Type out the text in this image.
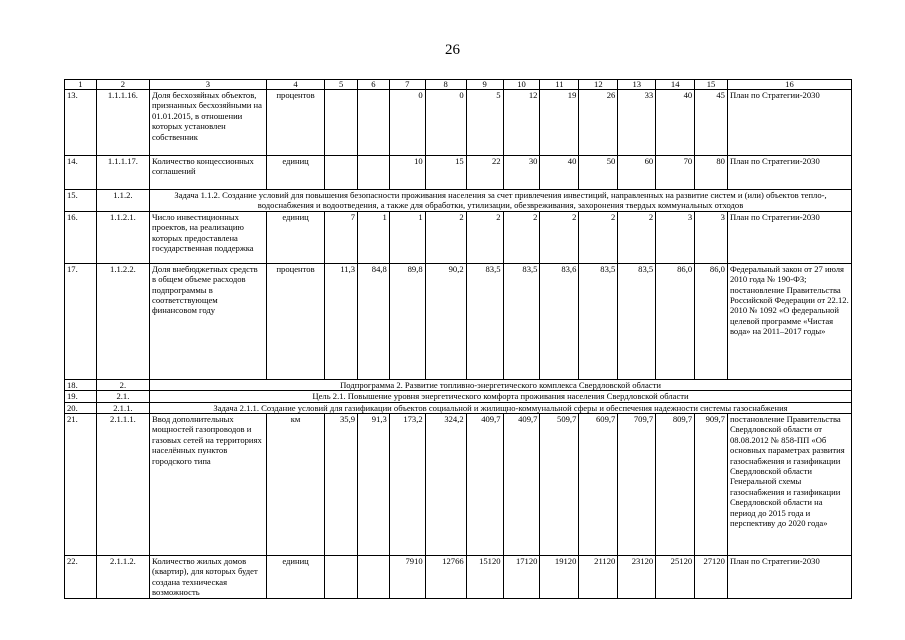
26
1	2	3	4	5	6	7	8	9	10	11	12	13	14	15	16
13.	1.1.1.16.	Доля бесхозяйных объектов, признанных бесхозяйными на 01.01.2015, в отношении которых установлен собственник	процентов			0	0	5	12	19	26	33	40	45	План по Стратегии-2030
14.	1.1.1.17.	Количество концессионных соглашений	единиц			10	15	22	30	40	50	60	70	80	План по Стратегии-2030
15.	1.1.2.	Задача 1.1.2. Создание условий для повышения безопасности проживания населения за счет привлечения инвестиций, направленных на развитие систем и (или) объектов тепло-, водоснабжения и водоотведения, а также для обработки, утилизации, обезвреживания, захоронения твердых коммунальных отходов													
16.	1.1.2.1.	Число инвестиционных проектов, на реализацию которых предоставлена государственная поддержка	единиц	7	1	1	2	2	2	2	2	2	3	3	План по Стратегии-2030
17.	1.1.2.2.	Доля внебюджетных средств в общем объеме расходов подпрограммы в соответствующем финансовом году	процентов	11,3	84,8	89,8	90,2	83,5	83,5	83,6	83,5	83,5	86,0	86,0	Федеральный закон от 27 июля 2010 года № 190-ФЗ; постановление Правительства Российской Федерации от 22.12. 2010 № 1092 «О федеральной целевой программе «Чистая вода» на 2011–2017 годы»
18.	2.	Подпрограмма 2. Развитие топливно-энергетического комплекса Свердловской области													
19.	2.1.	Цель 2.1. Повышение уровня энергетического комфорта проживания населения Свердловской области													
20.	2.1.1.	Задача 2.1.1. Создание условий для газификации объектов социальной и жилищно-коммунальной сферы и обеспечения надежности системы газоснабжения													
21.	2.1.1.1.	Ввод дополнительных мощностей газопроводов и газовых сетей на территориях населённых пунктов городского типа	км	35,9	91,3	173,2	324,2	409,7	409,7	509,7	609,7	709,7	809,7	909,7	постановление Правительства Свердловской области от 08.08.2012 № 858-ПП «Об основных параметрах развития газоснабжения и газификации Свердловской области Генеральной схемы газоснабжения и газификации Свердловской области на период до 2015 года и перспективу до 2020 года»
22.	2.1.1.2.	Количество жилых домов (квартир), для которых будет создана техническая возможность	единиц			7910	12766	15120	17120	19120	21120	23120	25120	27120	План по Стратегии-2030
